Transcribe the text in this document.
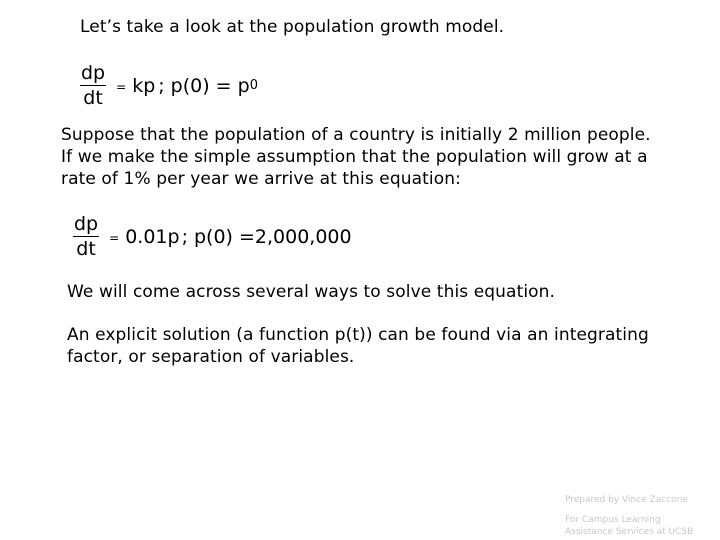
Let’s take a look at the population growth model.
$\frac{dp}{dt}$ = kp ; p(0) = p 0
Suppose that the population of a country is initially 2 million people.
If we make the simple assumption that the population will grow at a
rate of 1% per year we arrive at this equation:
$\frac{dp}{dt} = 0.01p$ ; p(0) =2,000,000
We will come across several ways to solve this equation.
An explicit solution (a function p(t)) can be found via an integrating
factor, or separation of variables.
Prepared by Vince Zaccone
For Campus Learning
Assistance Services at UCSB
